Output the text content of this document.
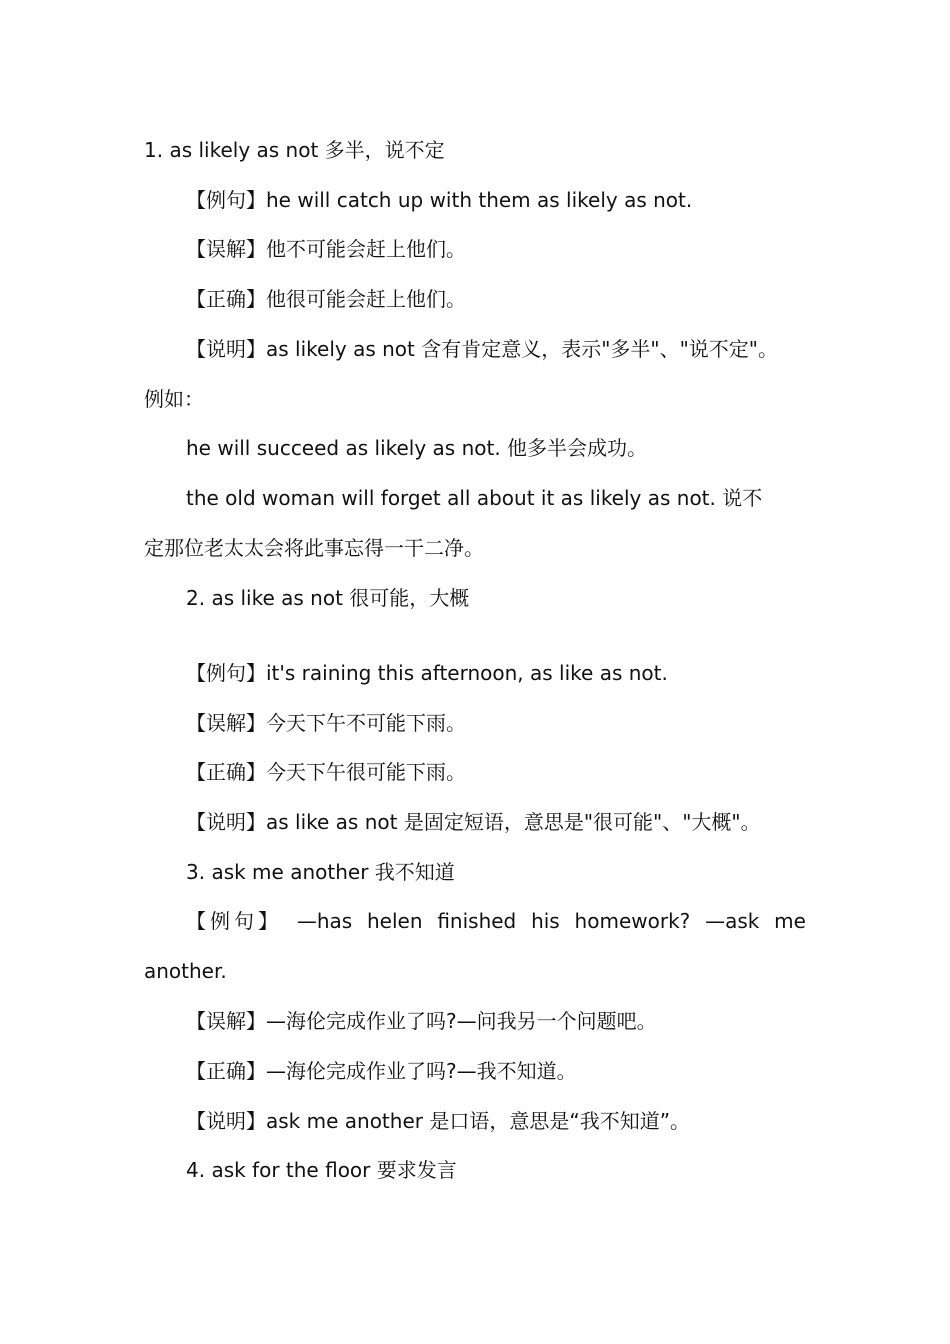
1. as likely as not 多半，说不定
【例句】he will catch up with them as likely as not.
【误解】他不可能会赶上他们。
【正确】他很可能会赶上他们。
【说明】as likely as not 含有肯定意义，表示"多半"、"说不定"。
例如：
he will succeed as likely as not. 他多半会成功。
the old woman will forget all about it as likely as not. 说不
定那位老太太会将此事忘得一干二净。
2. as like as not 很可能，大概
【例句】it's raining this afternoon, as like as not.
【误解】今天下午不可能下雨。
【正确】今天下午很可能下雨。
【说明】as like as not 是固定短语，意思是"很可能"、"大概"。
3. ask me another 我不知道
【例句】 —has helen finished his homework? —ask me
another.
【误解】—海伦完成作业了吗?—问我另一个问题吧。
【正确】—海伦完成作业了吗?—我不知道。
【说明】ask me another 是口语，意思是“我不知道”。
4. ask for the floor 要求发言
